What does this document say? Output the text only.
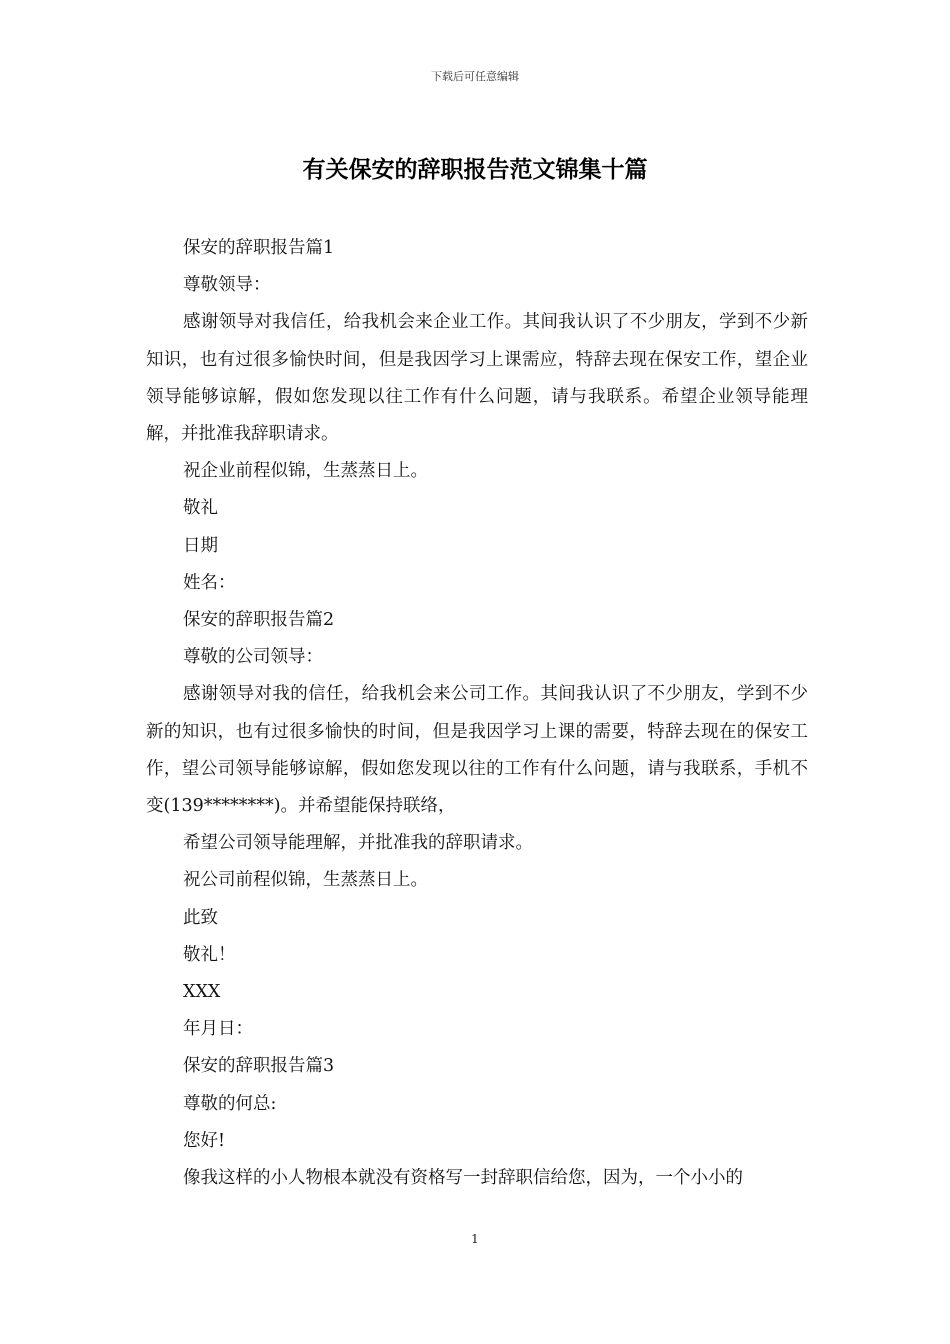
下载后可任意编辑
有关保安的辞职报告范文锦集十篇

保安的辞职报告篇1

尊敬领导：

感谢领导对我信任，给我机会来企业工作。其间我认识了不少朋友，学到不少新知识，也有过很多愉快时间，但是我因学习上课需应，特辞去现在保安工作，望企业领导能够谅解，假如您发现以往工作有什么问题，请与我联系。希望企业领导能理解，并批准我辞职请求。

祝企业前程似锦，生蒸蒸日上。

敬礼

日期

姓名：

保安的辞职报告篇2

尊敬的公司领导：

感谢领导对我的信任，给我机会来公司工作。其间我认识了不少朋友，学到不少新的知识，也有过很多愉快的时间，但是我因学习上课的需要，特辞去现在的保安工作，望公司领导能够谅解，假如您发现以往的工作有什么问题，请与我联系，手机不变(139********)。并希望能保持联络，

希望公司领导能理解，并批准我的辞职请求。

祝公司前程似锦，生蒸蒸日上。

此致

敬礼！

XXX

年月日：

保安的辞职报告篇3

尊敬的何总:

您好!

像我这样的小人物根本就没有资格写一封辞职信给您，因为，一个小小的

1
